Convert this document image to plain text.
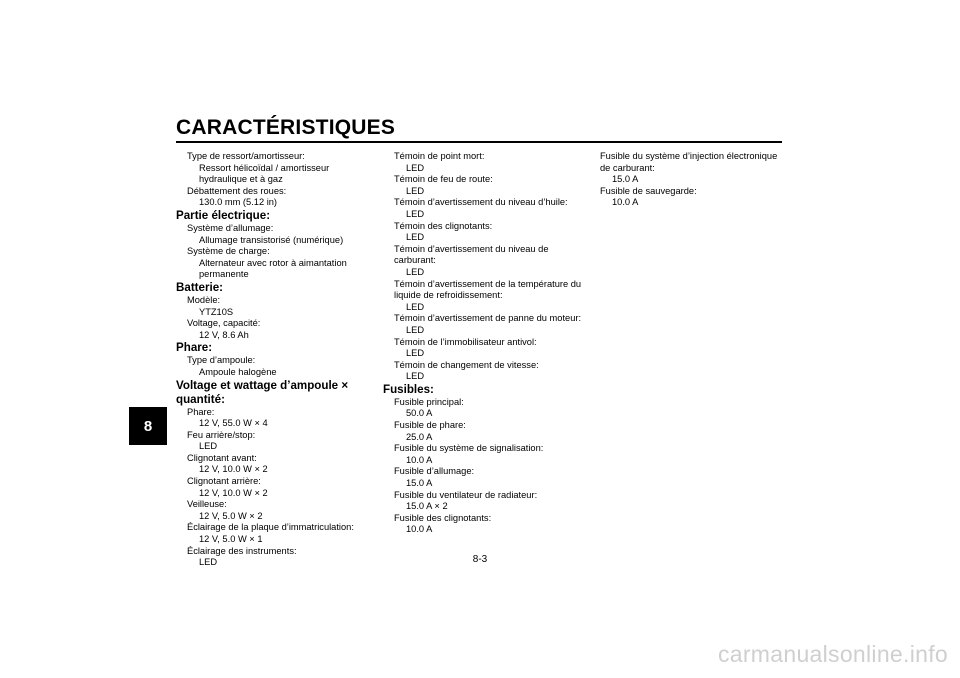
CARACTÉRISTIQUES
8
Type de ressort/amortisseur:
Ressort hélicoïdal / amortisseur hydraulique et à gaz
Débattement des roues:
130.0 mm (5.12 in)
Partie électrique:
Système d’allumage:
Allumage transistorisé (numérique)
Système de charge:
Alternateur avec rotor à aimantation permanente
Batterie:
Modèle:
YTZ10S
Voltage, capacité:
12 V, 8.6 Ah
Phare:
Type d’ampoule:
Ampoule halogène
Voltage et wattage d’ampoule × quantité:
Phare:
12 V, 55.0 W × 4
Feu arrière/stop:
LED
Clignotant avant:
12 V, 10.0 W × 2
Clignotant arrière:
12 V, 10.0 W × 2
Veilleuse:
12 V, 5.0 W × 2
Éclairage de la plaque d’immatriculation:
12 V, 5.0 W × 1
Éclairage des instruments:
LED
Témoin de point mort:
LED
Témoin de feu de route:
LED
Témoin d’avertissement du niveau d’huile:
LED
Témoin des clignotants:
LED
Témoin d’avertissement du niveau de carburant:
LED
Témoin d’avertissement de la température du liquide de refroidissement:
LED
Témoin d’avertissement de panne du moteur:
LED
Témoin de l’immobilisateur antivol:
LED
Témoin de changement de vitesse:
LED
Fusibles:
Fusible principal:
50.0 A
Fusible de phare:
25.0 A
Fusible du système de signalisation:
10.0 A
Fusible d’allumage:
15.0 A
Fusible du ventilateur de radiateur:
15.0 A × 2
Fusible des clignotants:
10.0 A
Fusible du système d’injection électronique de carburant:
15.0 A
Fusible de sauvegarde:
10.0 A
8-3
carmanualsonline.info
